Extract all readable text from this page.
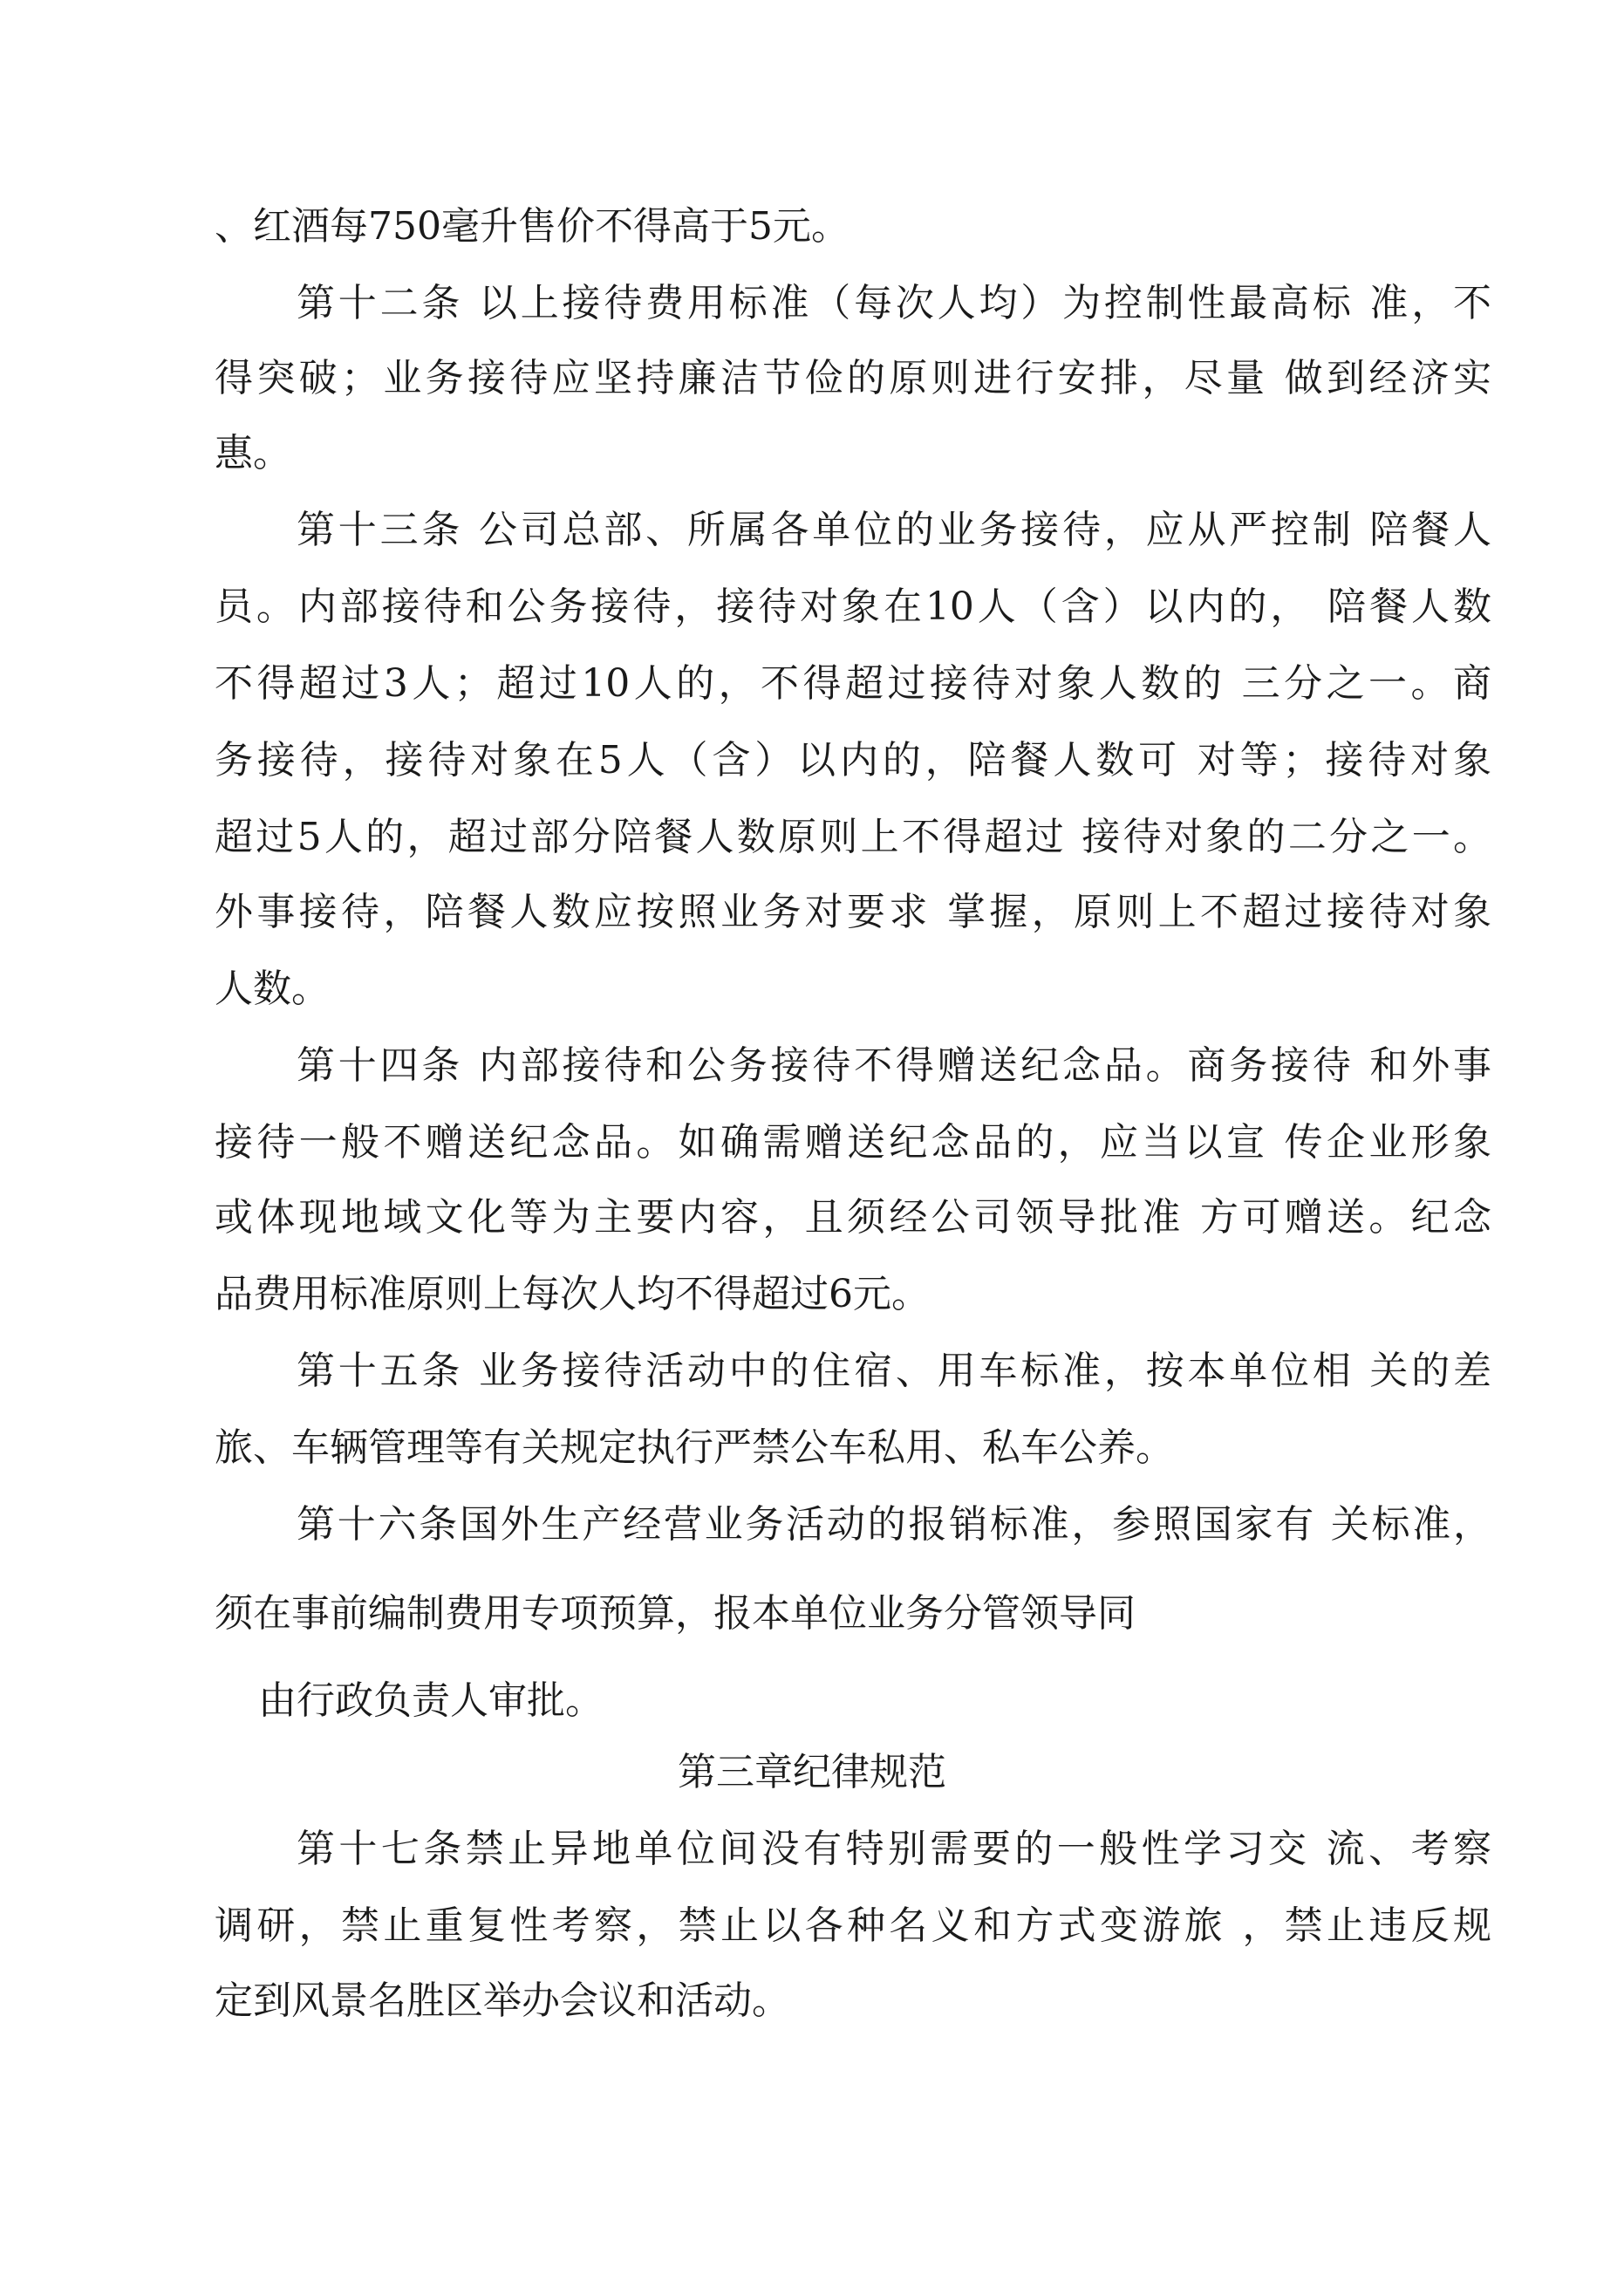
、红酒每750毫升售价不得高于5元。

第十二条 以上接待费用标准（每次人均）为控制性最高标 准，不

得突破；业务接待应坚持廉洁节俭的原则进行安排，尽量 做到经济实

惠。

第十三条 公司总部、所属各单位的业务接待，应从严控制 陪餐人

员。内部接待和公务接待，接待对象在10人（含）以内的， 陪餐人数

不得超过3人；超过10人的，不得超过接待对象人数的 三分之一。商

务接待，接待对象在5人（含）以内的，陪餐人数可 对等；接待对象

超过5人的，超过部分陪餐人数原则上不得超过 接待对象的二分之一。

外事接待，陪餐人数应按照业务对要求 掌握，原则上不超过接待对象

人数。

第十四条 内部接待和公务接待不得赠送纪念品。商务接待 和外事

接待一般不赠送纪念品。如确需赠送纪念品的，应当以宣 传企业形象

或体现地域文化等为主要内容，且须经公司领导批准 方可赠送。纪念

品费用标准原则上每次人均不得超过6元。

第十五条 业务接待活动中的住宿、用车标准，按本单位相 关的差

旅、车辆管理等有关规定执行严禁公车私用、私车公养。

第十六条国外生产经营业务活动的报销标准，参照国家有 关标准，

须在事前编制费用专项预算，报本单位业务分管领导同

由行政负责人审批。

第三章纪律规范

第十七条禁止异地单位间没有特别需要的一般性学习交 流、考察

调研，禁止重复性考察，禁止以各种名义和方式变游旅 ，禁止违反规

定到风景名胜区举办会议和活动。
